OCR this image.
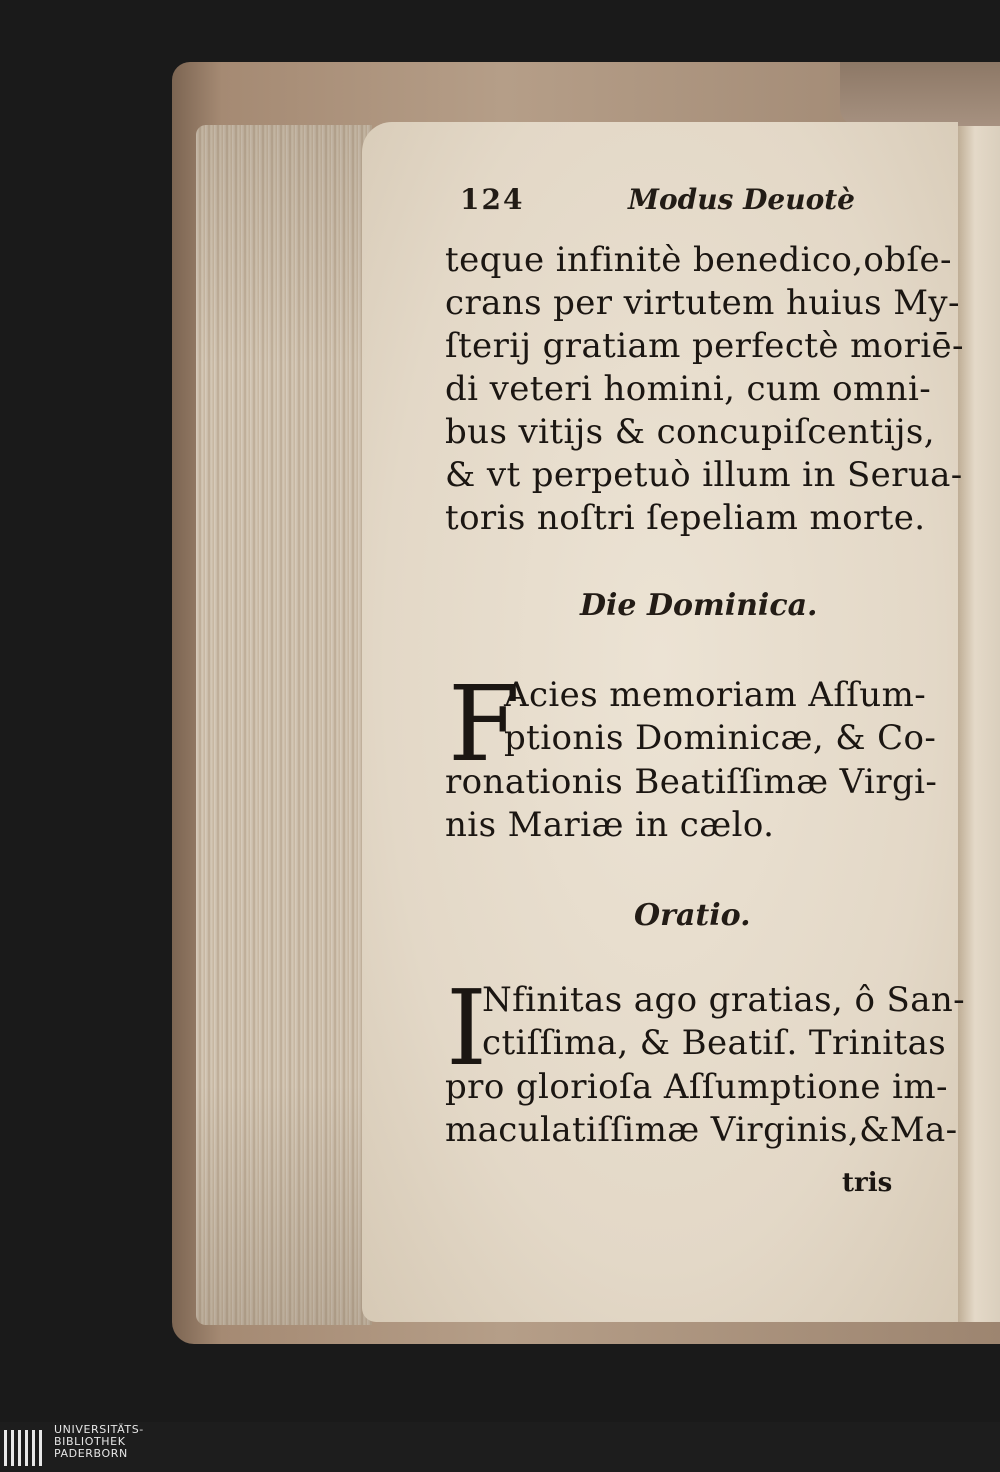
124	Modus Deuotè
teque infinitè benedico,obſe-
crans per virtutem huius My-
ſterij gratiam perfectè moriē-
di veteri homini, cum omni-
bus vitijs & concupiſcentijs,
& vt perpetuò illum in Serua-
toris noſtri ſepeliam morte.
Die Dominica.
F
Acies memoriam Aſſum-
ptionis Dominicæ, & Co-
ronationis Beatiſſimæ Virgi-
nis Mariæ in cælo.
Oratio.
I
Nfinitas ago gratias, ô San-
ctiſſima, & Beatiſ. Trinitas
pro glorioſa Aſſumptione im-
maculatiſſimæ Virginis,&Ma-
tris
UNIVERSITÄTS-
BIBLIOTHEK
PADERBORN
